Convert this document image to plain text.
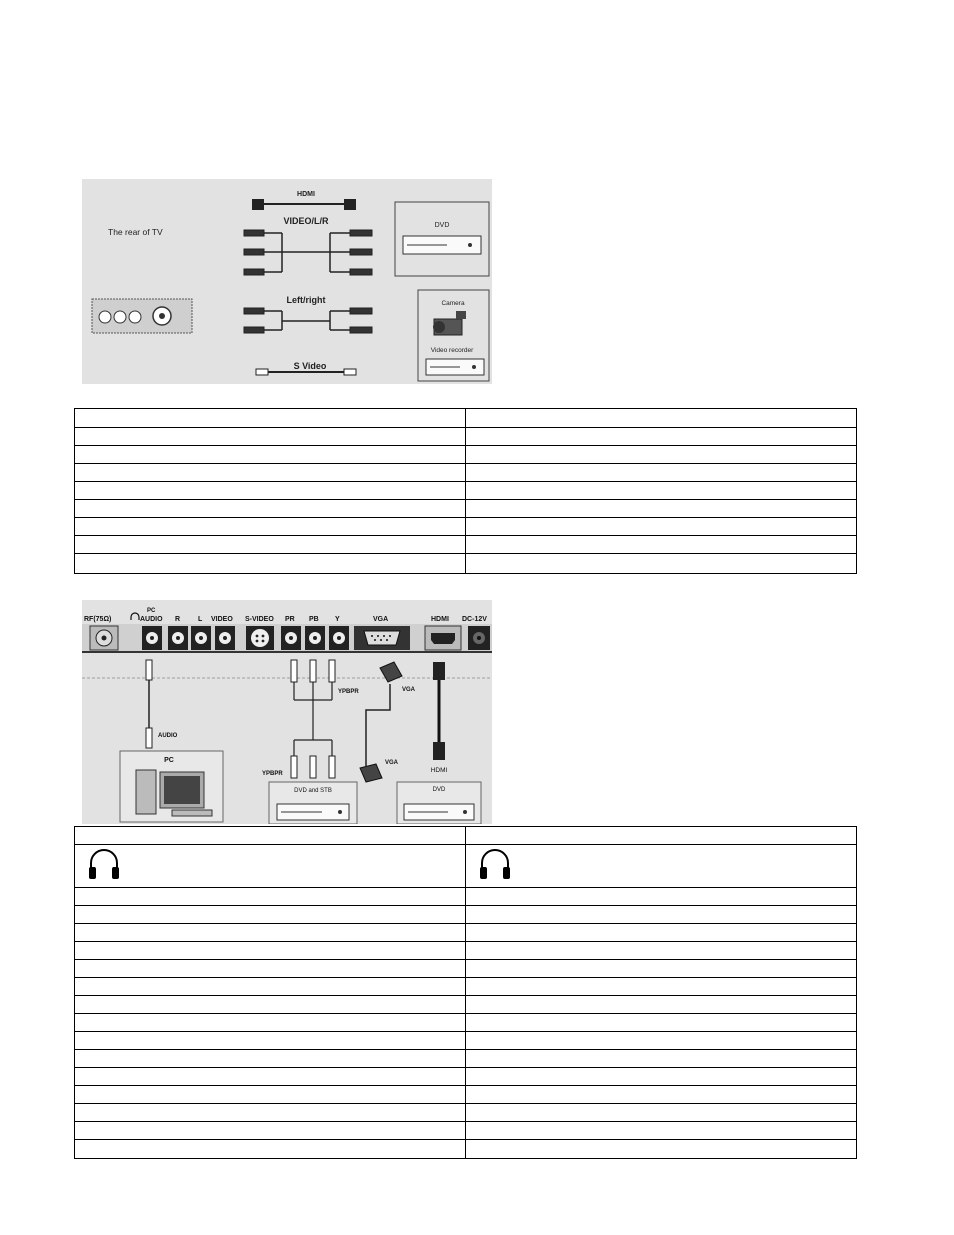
HDMI
VIDEO/L/R
The rear of TV
DVD
Left/right	Camera
Video recorder
S Video

RF(75Ω)
PC
AUDIO R	L VIDEO S-VIDEO PR PB Y	VGA	HDMI DC-12V
AUDIO
YPBPR
YPBPR
VGA
VGA
HDMI
PC
DVD and STB	DVD
